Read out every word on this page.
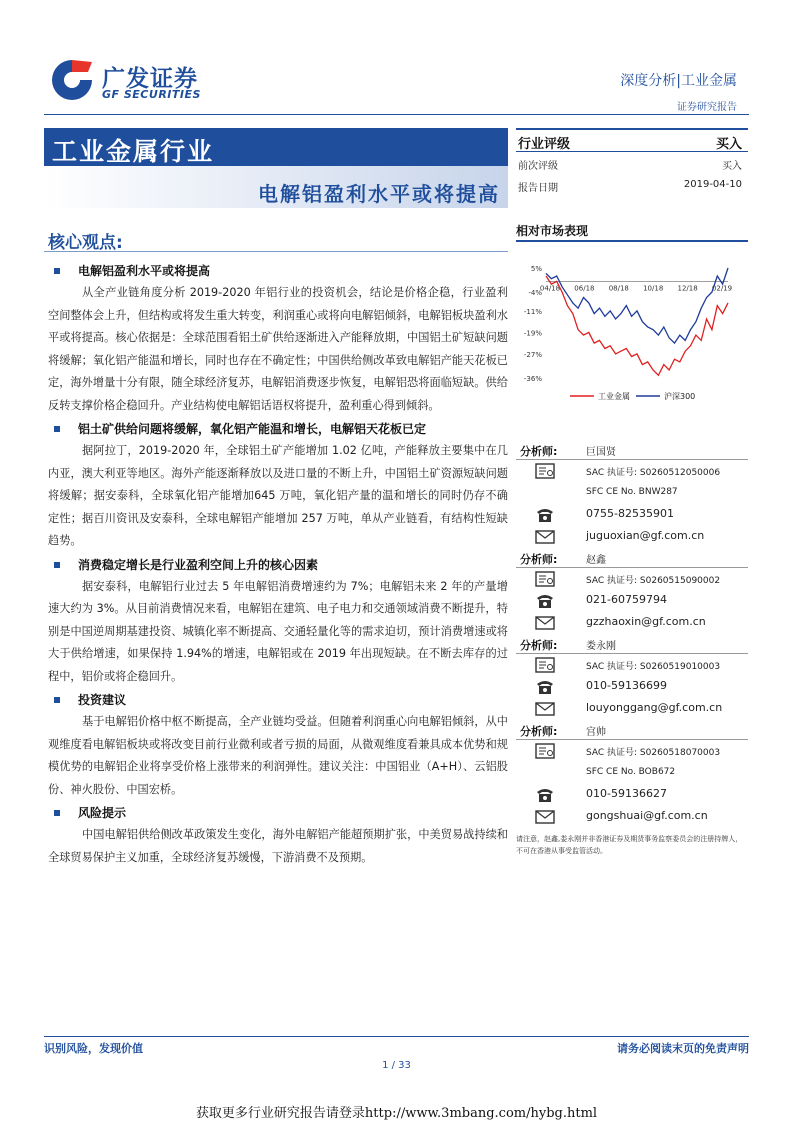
广发证券
GF SECURITIES
深度分析|工业金属
证券研究报告
工业金属行业
电解铝盈利水平或将提高
行业评级	买入
前次评级	买入
报告日期	2019-04-10
相对市场表现
5%
-4%
-11%
-19%
-27%
-36%
04/18 06/18 08/18 10/18 12/18 02/19
工业金属	沪深300
分析师:	巨国贤
SAC 执证号: S0260512050006
SFC CE No. BNW287
0755-82535901
juguoxian@gf.com.cn
分析师:	赵鑫
SAC 执证号: S0260515090002
021-60759794
gzzhaoxin@gf.com.cn
分析师:	娄永刚
SAC 执证号: S0260519010003
010-59136699
louyonggang@gf.com.cn
分析师:	宫帅
SAC 执证号: S0260518070003
SFC CE No. BOB672
010-59136627
gongshuai@gf.com.cn
请注意，赵鑫,娄永刚并非香港证券及期货事务监察委员会的注册持牌人，不可在香港从事受监管活动。
核心观点:
电解铝盈利水平或将提高
从全产业链角度分析 2019-2020 年铝行业的投资机会，结论是价格企稳，行业盈利空间整体会上升，但结构或将发生重大转变，利润重心或将向电解铝倾斜，电解铝板块盈利水平或将提高。核心依据是：全球范围看铝土矿供给逐渐进入产能释放期，中国铝土矿短缺问题将缓解；氧化铝产能温和增长，同时也存在不确定性；中国供给侧改革致电解铝产能天花板已定，海外增量十分有限，随全球经济复苏，电解铝消费逐步恢复，电解铝恐将面临短缺。供给反转支撑价格企稳回升。产业结构使电解铝话语权将提升，盈利重心得到倾斜。
铝土矿供给问题将缓解，氧化铝产能温和增长，电解铝天花板已定
据阿拉丁，2019-2020 年，全球铝土矿产能增加 1.02 亿吨，产能释放主要集中在几内亚，澳大利亚等地区。海外产能逐渐释放以及进口量的不断上升，中国铝土矿资源短缺问题将缓解；据安泰科，全球氧化铝产能增加645 万吨，氧化铝产量的温和增长的同时仍存不确定性；据百川资讯及安泰科，全球电解铝产能增加 257 万吨，单从产业链看，有结构性短缺趋势。
消费稳定增长是行业盈利空间上升的核心因素
据安泰科，电解铝行业过去 5 年电解铝消费增速约为 7%；电解铝未来 2 年的产量增速大约为 3%。从目前消费情况来看，电解铝在建筑、电子电力和交通领域消费不断提升，特别是中国逆周期基建投资、城镇化率不断提高、交通轻量化等的需求迫切，预计消费增速或将大于供给增速，如果保持 1.94%的增速，电解铝或在 2019 年出现短缺。在不断去库存的过程中，铝价或将企稳回升。
投资建议
基于电解铝价格中枢不断提高，全产业链均受益。但随着利润重心向电解铝倾斜，从中观维度看电解铝板块或将改变目前行业微利或者亏损的局面，从微观维度看兼具成本优势和规模优势的电解铝企业将享受价格上涨带来的利润弹性。建议关注：中国铝业（A+H）、云铝股份、神火股份、中国宏桥。
风险提示
中国电解铝供给侧改革政策发生变化，海外电解铝产能超预期扩张，中美贸易战持续和全球贸易保护主义加重，全球经济复苏缓慢，下游消费不及预期。
识别风险，发现价值	请务必阅读末页的免责声明
1 / 33
获取更多行业研究报告请登录http://www.3mbang.com/hybg.html
